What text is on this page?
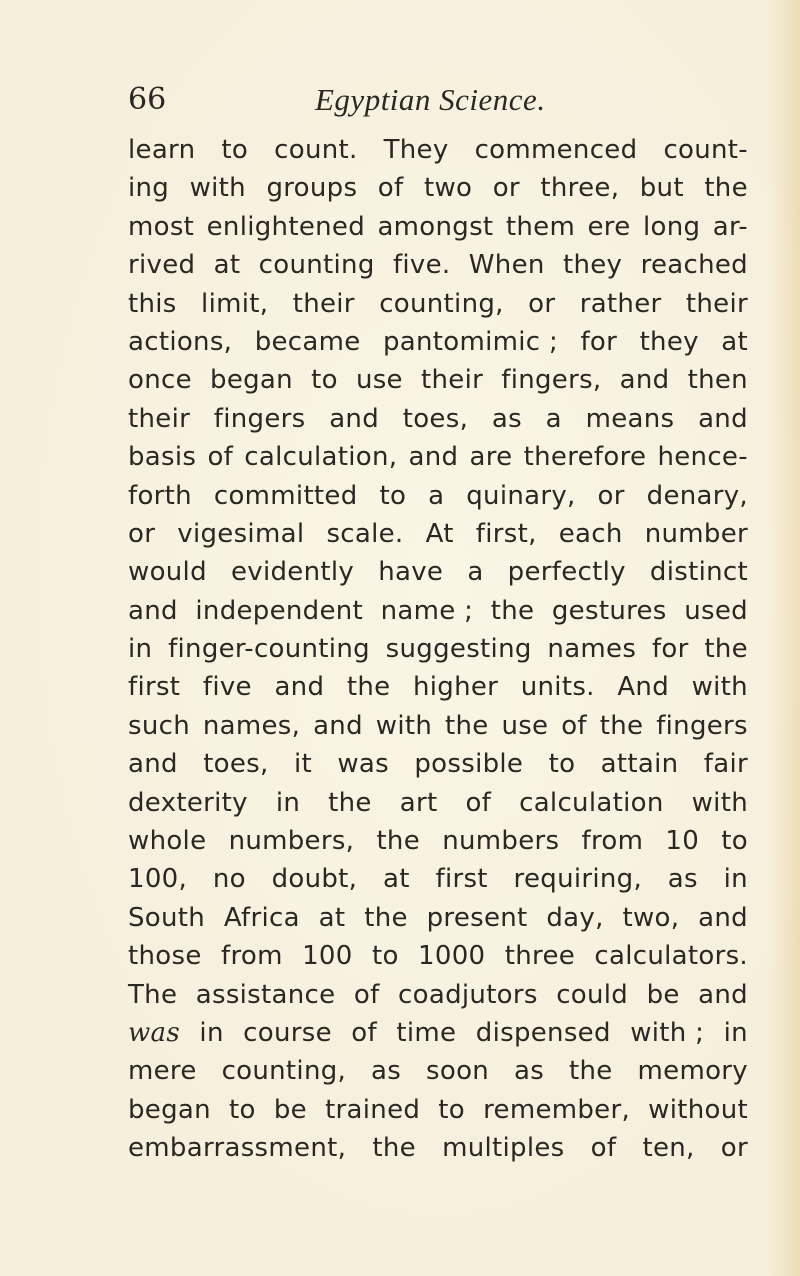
66	Egyptian Science.
learn to count. They commenced count-
ing with groups of two or three, but the
most enlightened amongst them ere long ar-
rived at counting five. When they reached
this limit, their counting, or rather their
actions, became pantomimic ; for they at
once began to use their fingers, and then
their fingers and toes, as a means and
basis of calculation, and are therefore hence-
forth committed to a quinary, or denary,
or vigesimal scale. At first, each number
would evidently have a perfectly distinct
and independent name ; the gestures used
in finger-counting suggesting names for the
first five and the higher units. And with
such names, and with the use of the fingers
and toes, it was possible to attain fair
dexterity in the art of calculation with
whole numbers, the numbers from 10 to
100, no doubt, at first requiring, as in
South Africa at the present day, two, and
those from 100 to 1000 three calculators.
The assistance of coadjutors could be and
was in course of time dispensed with ; in
mere counting, as soon as the memory
began to be trained to remember, without
embarrassment, the multiples of ten, or
